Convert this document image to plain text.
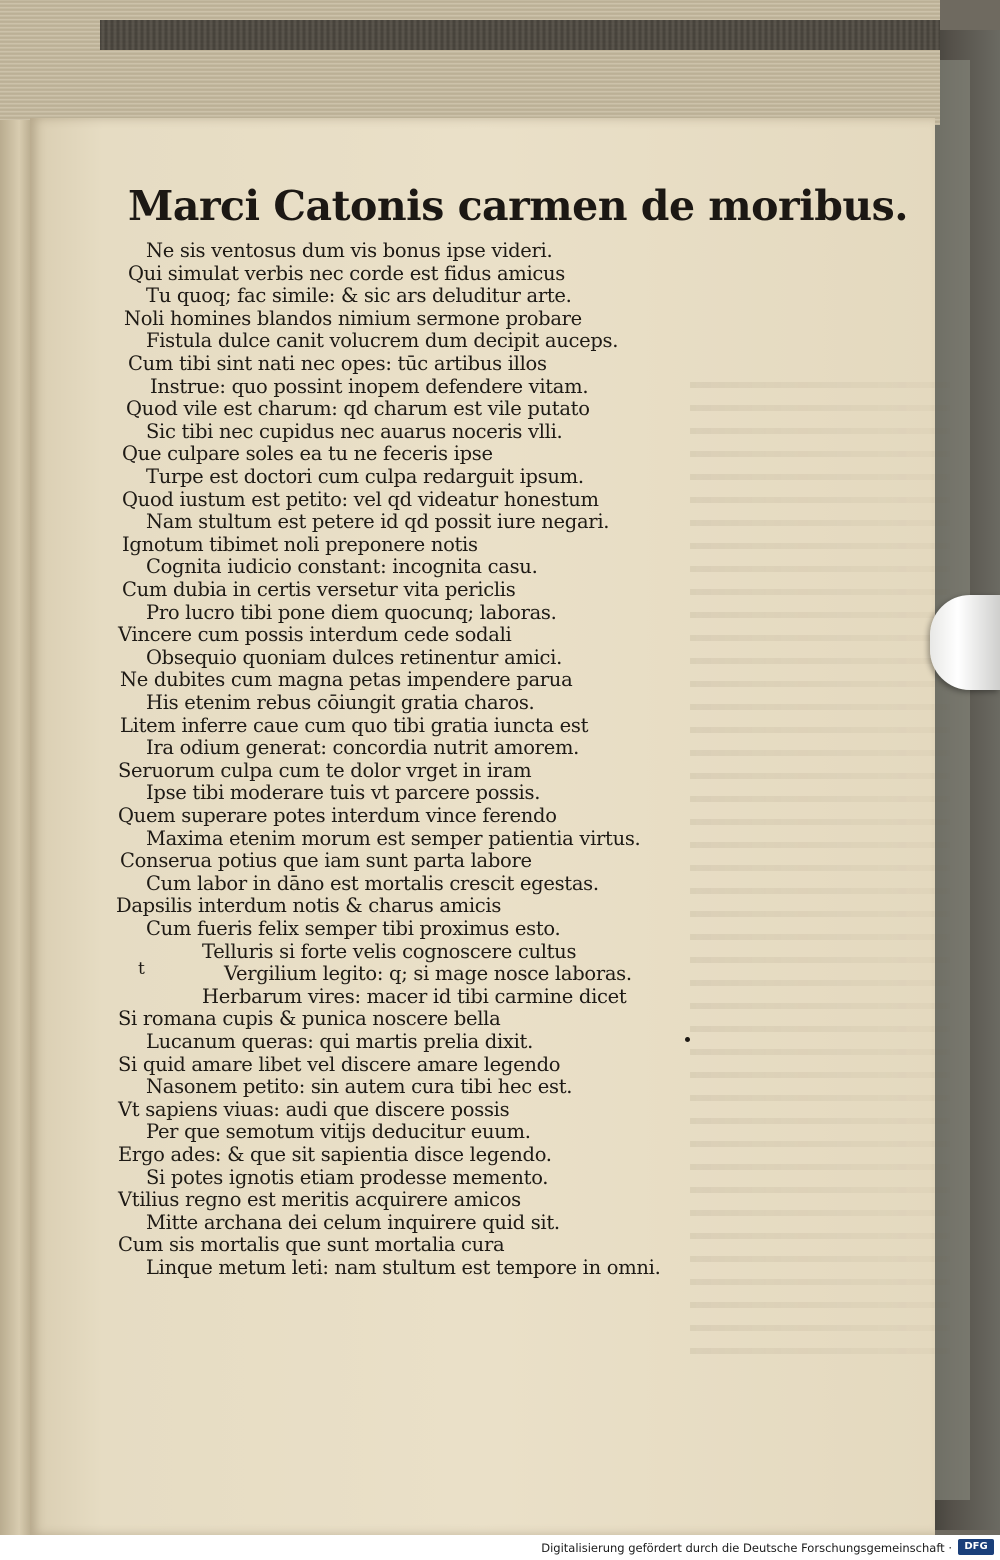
Marci Catonis carmen de moribus.
Ne sis ventosus dum vis bonus ipse videri.
Qui simulat verbis nec corde est fidus amicus
Tu quoq; fac simile: & sic ars deluditur arte.
Noli homines blandos nimium sermone probare
Fistula dulce canit volucrem dum decipit auceps.
Cum tibi sint nati nec opes: tūc artibus illos
Instrue: quo possint inopem defendere vitam.
Quod vile est charum: qd charum est vile putato
Sic tibi nec cupidus nec auarus noceris vlli.
Que culpare soles ea tu ne feceris ipse
Turpe est doctori cum culpa redarguit ipsum.
Quod iustum est petito: vel qd videatur honestum
Nam stultum est petere id qd possit iure negari.
Ignotum tibimet noli preponere notis
Cognita iudicio constant: incognita casu.
Cum dubia in certis versetur vita periclis
Pro lucro tibi pone diem quocunq; laboras.
Vincere cum possis interdum cede sodali
Obsequio quoniam dulces retinentur amici.
Ne dubites cum magna petas impendere parua
His etenim rebus cōiungit gratia charos.
Litem inferre caue cum quo tibi gratia iuncta est
Ira odium generat: concordia nutrit amorem.
Seruorum culpa cum te dolor vrget in iram
Ipse tibi moderare tuis vt parcere possis.
Quem superare potes interdum vince ferendo
Maxima etenim morum est semper patientia virtus.
Conserua potius que iam sunt parta labore
Cum labor in dāno est mortalis crescit egestas.
Dapsilis interdum notis & charus amicis
Cum fueris felix semper tibi proximus esto.
Telluris si forte velis cognoscere cultus
Vergilium legito: q; si mage nosce laboras.
Herbarum vires: macer id tibi carmine dicet
Si romana cupis & punica noscere bella
Lucanum queras: qui martis prelia dixit.
Si quid amare libet vel discere amare legendo
Nasonem petito: sin autem cura tibi hec est.
Vt sapiens viuas: audi que discere possis
Per que semotum vitijs deducitur euum.
Ergo ades: & que sit sapientia disce legendo.
Si potes ignotis etiam prodesse memento.
Vtilius regno est meritis acquirere amicos
Mitte archana dei celum inquirere quid sit.
Cum sis mortalis que sunt mortalia cura
Linque metum leti: nam stultum est tempore in omni.
t
Digitalisierung gefördert durch die Deutsche Forschungsgemeinschaft ·	DFG
